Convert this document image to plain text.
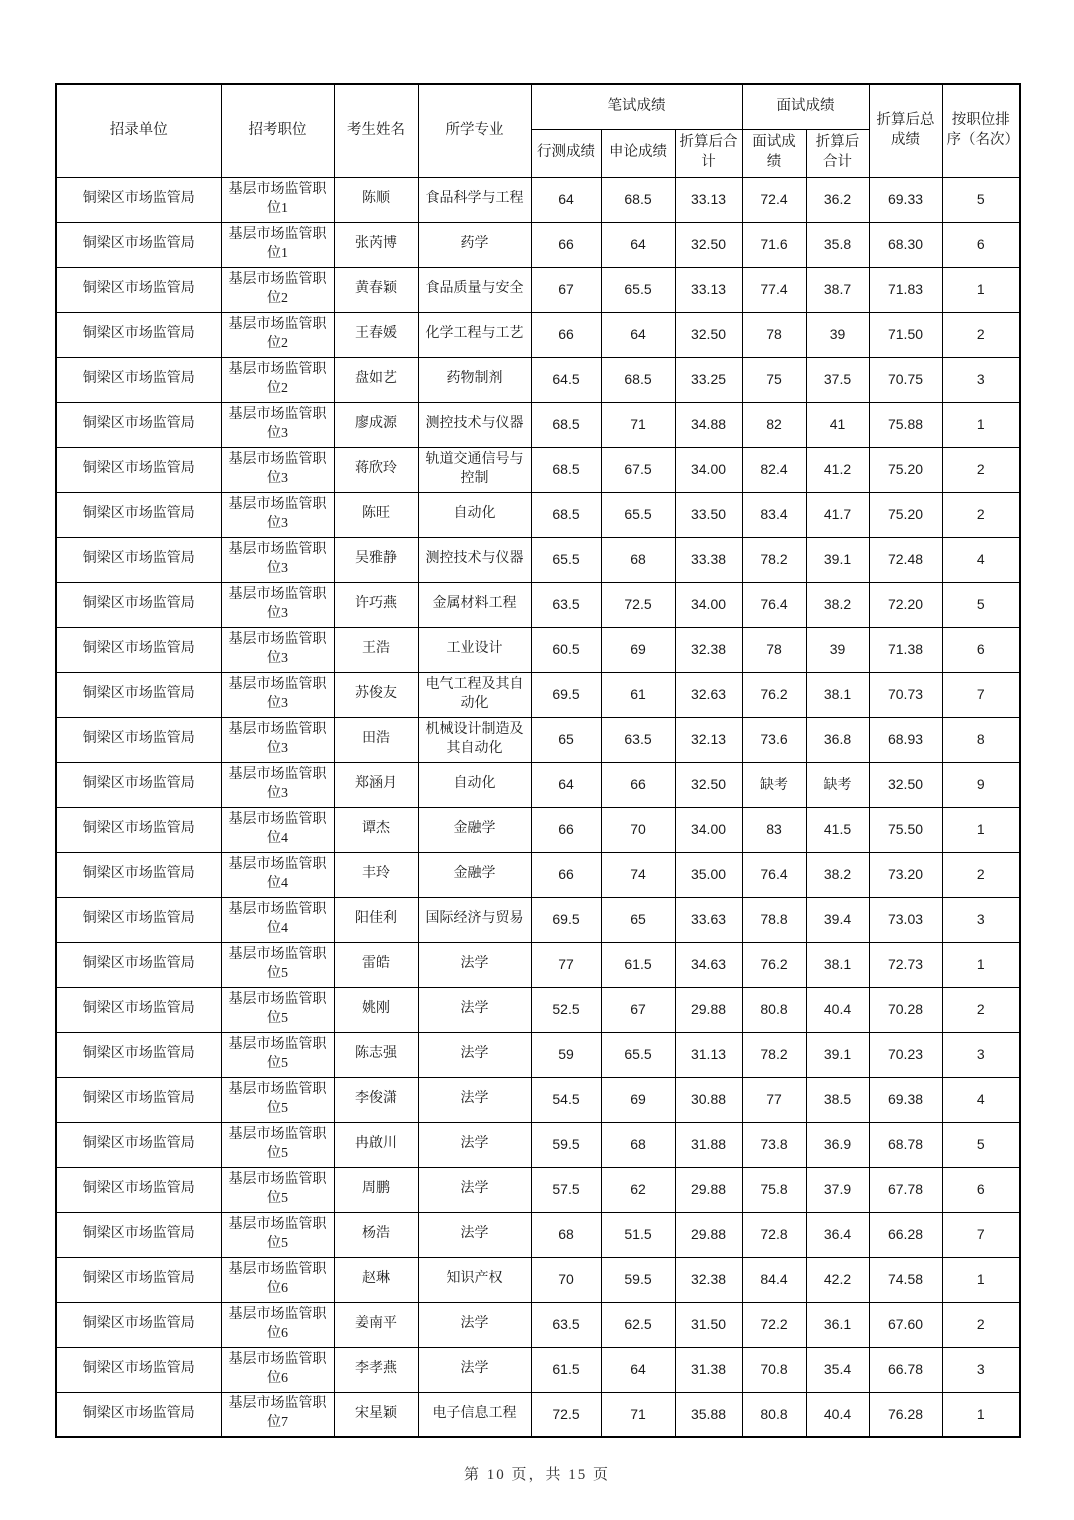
招录单位	招考职位	考生姓名	所学专业	笔试成绩			面试成绩		折算后总成绩	按职位排序（名次）
				行测成绩	申论成绩	折算后合计	面试成绩	折算后合计		
铜梁区市场监管局	基层市场监管职位1	陈顺	食品科学与工程	64	68.5	33.13	72.4	36.2	69.33	5
铜梁区市场监管局	基层市场监管职位1	张芮博	药学	66	64	32.50	71.6	35.8	68.30	6
铜梁区市场监管局	基层市场监管职位2	黄春颖	食品质量与安全	67	65.5	33.13	77.4	38.7	71.83	1
铜梁区市场监管局	基层市场监管职位2	王春媛	化学工程与工艺	66	64	32.50	78	39	71.50	2
铜梁区市场监管局	基层市场监管职位2	盘如艺	药物制剂	64.5	68.5	33.25	75	37.5	70.75	3
铜梁区市场监管局	基层市场监管职位3	廖成源	测控技术与仪器	68.5	71	34.88	82	41	75.88	1
铜梁区市场监管局	基层市场监管职位3	蒋欣玲	轨道交通信号与控制	68.5	67.5	34.00	82.4	41.2	75.20	2
铜梁区市场监管局	基层市场监管职位3	陈旺	自动化	68.5	65.5	33.50	83.4	41.7	75.20	2
铜梁区市场监管局	基层市场监管职位3	吴雅静	测控技术与仪器	65.5	68	33.38	78.2	39.1	72.48	4
铜梁区市场监管局	基层市场监管职位3	许巧燕	金属材料工程	63.5	72.5	34.00	76.4	38.2	72.20	5
铜梁区市场监管局	基层市场监管职位3	王浩	工业设计	60.5	69	32.38	78	39	71.38	6
铜梁区市场监管局	基层市场监管职位3	苏俊友	电气工程及其自动化	69.5	61	32.63	76.2	38.1	70.73	7
铜梁区市场监管局	基层市场监管职位3	田浩	机械设计制造及其自动化	65	63.5	32.13	73.6	36.8	68.93	8
铜梁区市场监管局	基层市场监管职位3	郑涵月	自动化	64	66	32.50	缺考	缺考	32.50	9
铜梁区市场监管局	基层市场监管职位4	谭杰	金融学	66	70	34.00	83	41.5	75.50	1
铜梁区市场监管局	基层市场监管职位4	丰玲	金融学	66	74	35.00	76.4	38.2	73.20	2
铜梁区市场监管局	基层市场监管职位4	阳佳利	国际经济与贸易	69.5	65	33.63	78.8	39.4	73.03	3
铜梁区市场监管局	基层市场监管职位5	雷皓	法学	77	61.5	34.63	76.2	38.1	72.73	1
铜梁区市场监管局	基层市场监管职位5	姚刚	法学	52.5	67	29.88	80.8	40.4	70.28	2
铜梁区市场监管局	基层市场监管职位5	陈志强	法学	59	65.5	31.13	78.2	39.1	70.23	3
铜梁区市场监管局	基层市场监管职位5	李俊潇	法学	54.5	69	30.88	77	38.5	69.38	4
铜梁区市场监管局	基层市场监管职位5	冉啟川	法学	59.5	68	31.88	73.8	36.9	68.78	5
铜梁区市场监管局	基层市场监管职位5	周鹏	法学	57.5	62	29.88	75.8	37.9	67.78	6
铜梁区市场监管局	基层市场监管职位5	杨浩	法学	68	51.5	29.88	72.8	36.4	66.28	7
铜梁区市场监管局	基层市场监管职位6	赵琳	知识产权	70	59.5	32.38	84.4	42.2	74.58	1
铜梁区市场监管局	基层市场监管职位6	姜南平	法学	63.5	62.5	31.50	72.2	36.1	67.60	2
铜梁区市场监管局	基层市场监管职位6	李孝燕	法学	61.5	64	31.38	70.8	35.4	66.78	3
铜梁区市场监管局	基层市场监管职位7	宋星颖	电子信息工程	72.5	71	35.88	80.8	40.4	76.28	1
第 10 页，共 15 页
